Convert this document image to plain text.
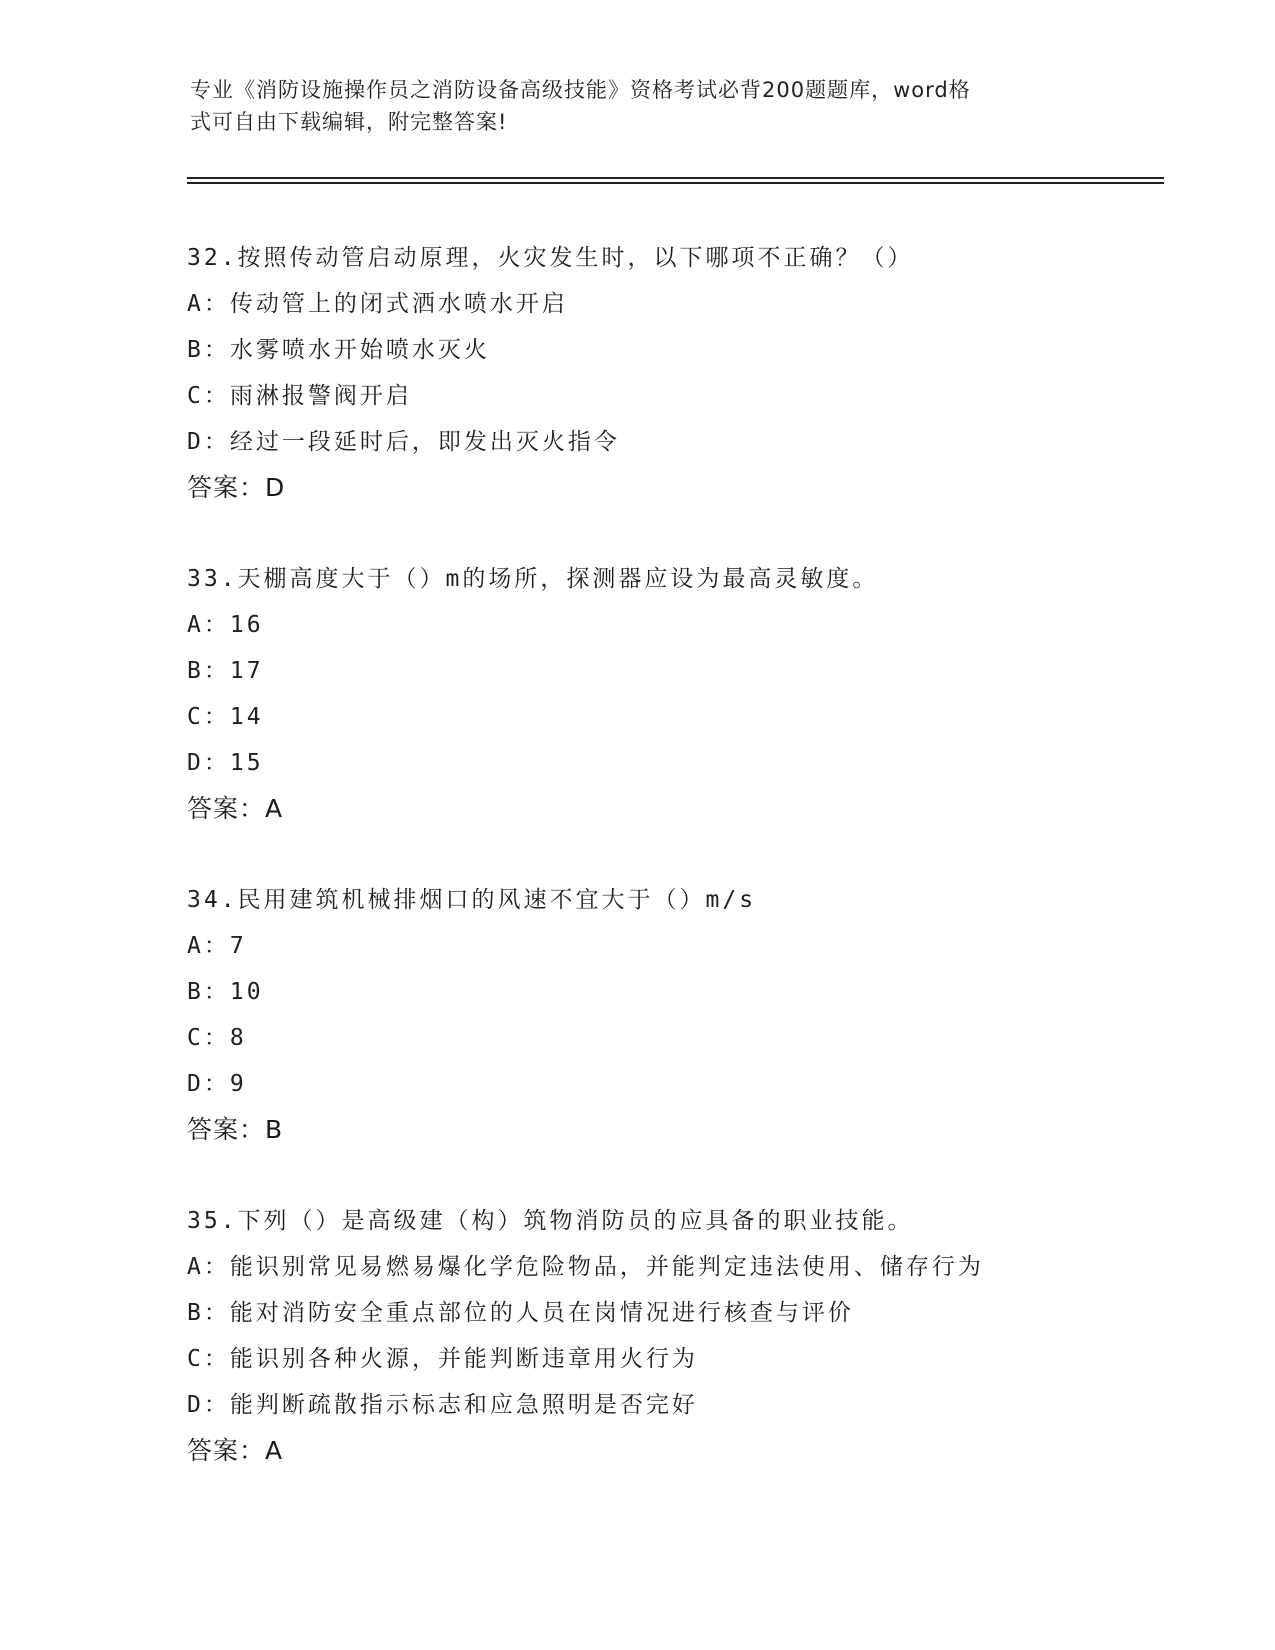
专业《消防设施操作员之消防设备高级技能》资格考试必背200题题库，word格
式可自由下载编辑，附完整答案!
32.按照传动管启动原理，火灾发生时，以下哪项不正确？（）
A：传动管上的闭式洒水喷水开启
B：水雾喷水开始喷水灭火
C：雨淋报警阀开启
D：经过一段延时后，即发出灭火指令
答案：D
33.天棚高度大于（）m的场所，探测器应设为最高灵敏度。
A：16
B：17
C：14
D：15
答案：A
34.民用建筑机械排烟口的风速不宜大于（）m/s
A：7
B：10
C：8
D：9
答案：B
35.下列（）是高级建（构）筑物消防员的应具备的职业技能。
A：能识别常见易燃易爆化学危险物品，并能判定违法使用、储存行为
B：能对消防安全重点部位的人员在岗情况进行核查与评价
C：能识别各种火源，并能判断违章用火行为
D：能判断疏散指示标志和应急照明是否完好
答案：A
